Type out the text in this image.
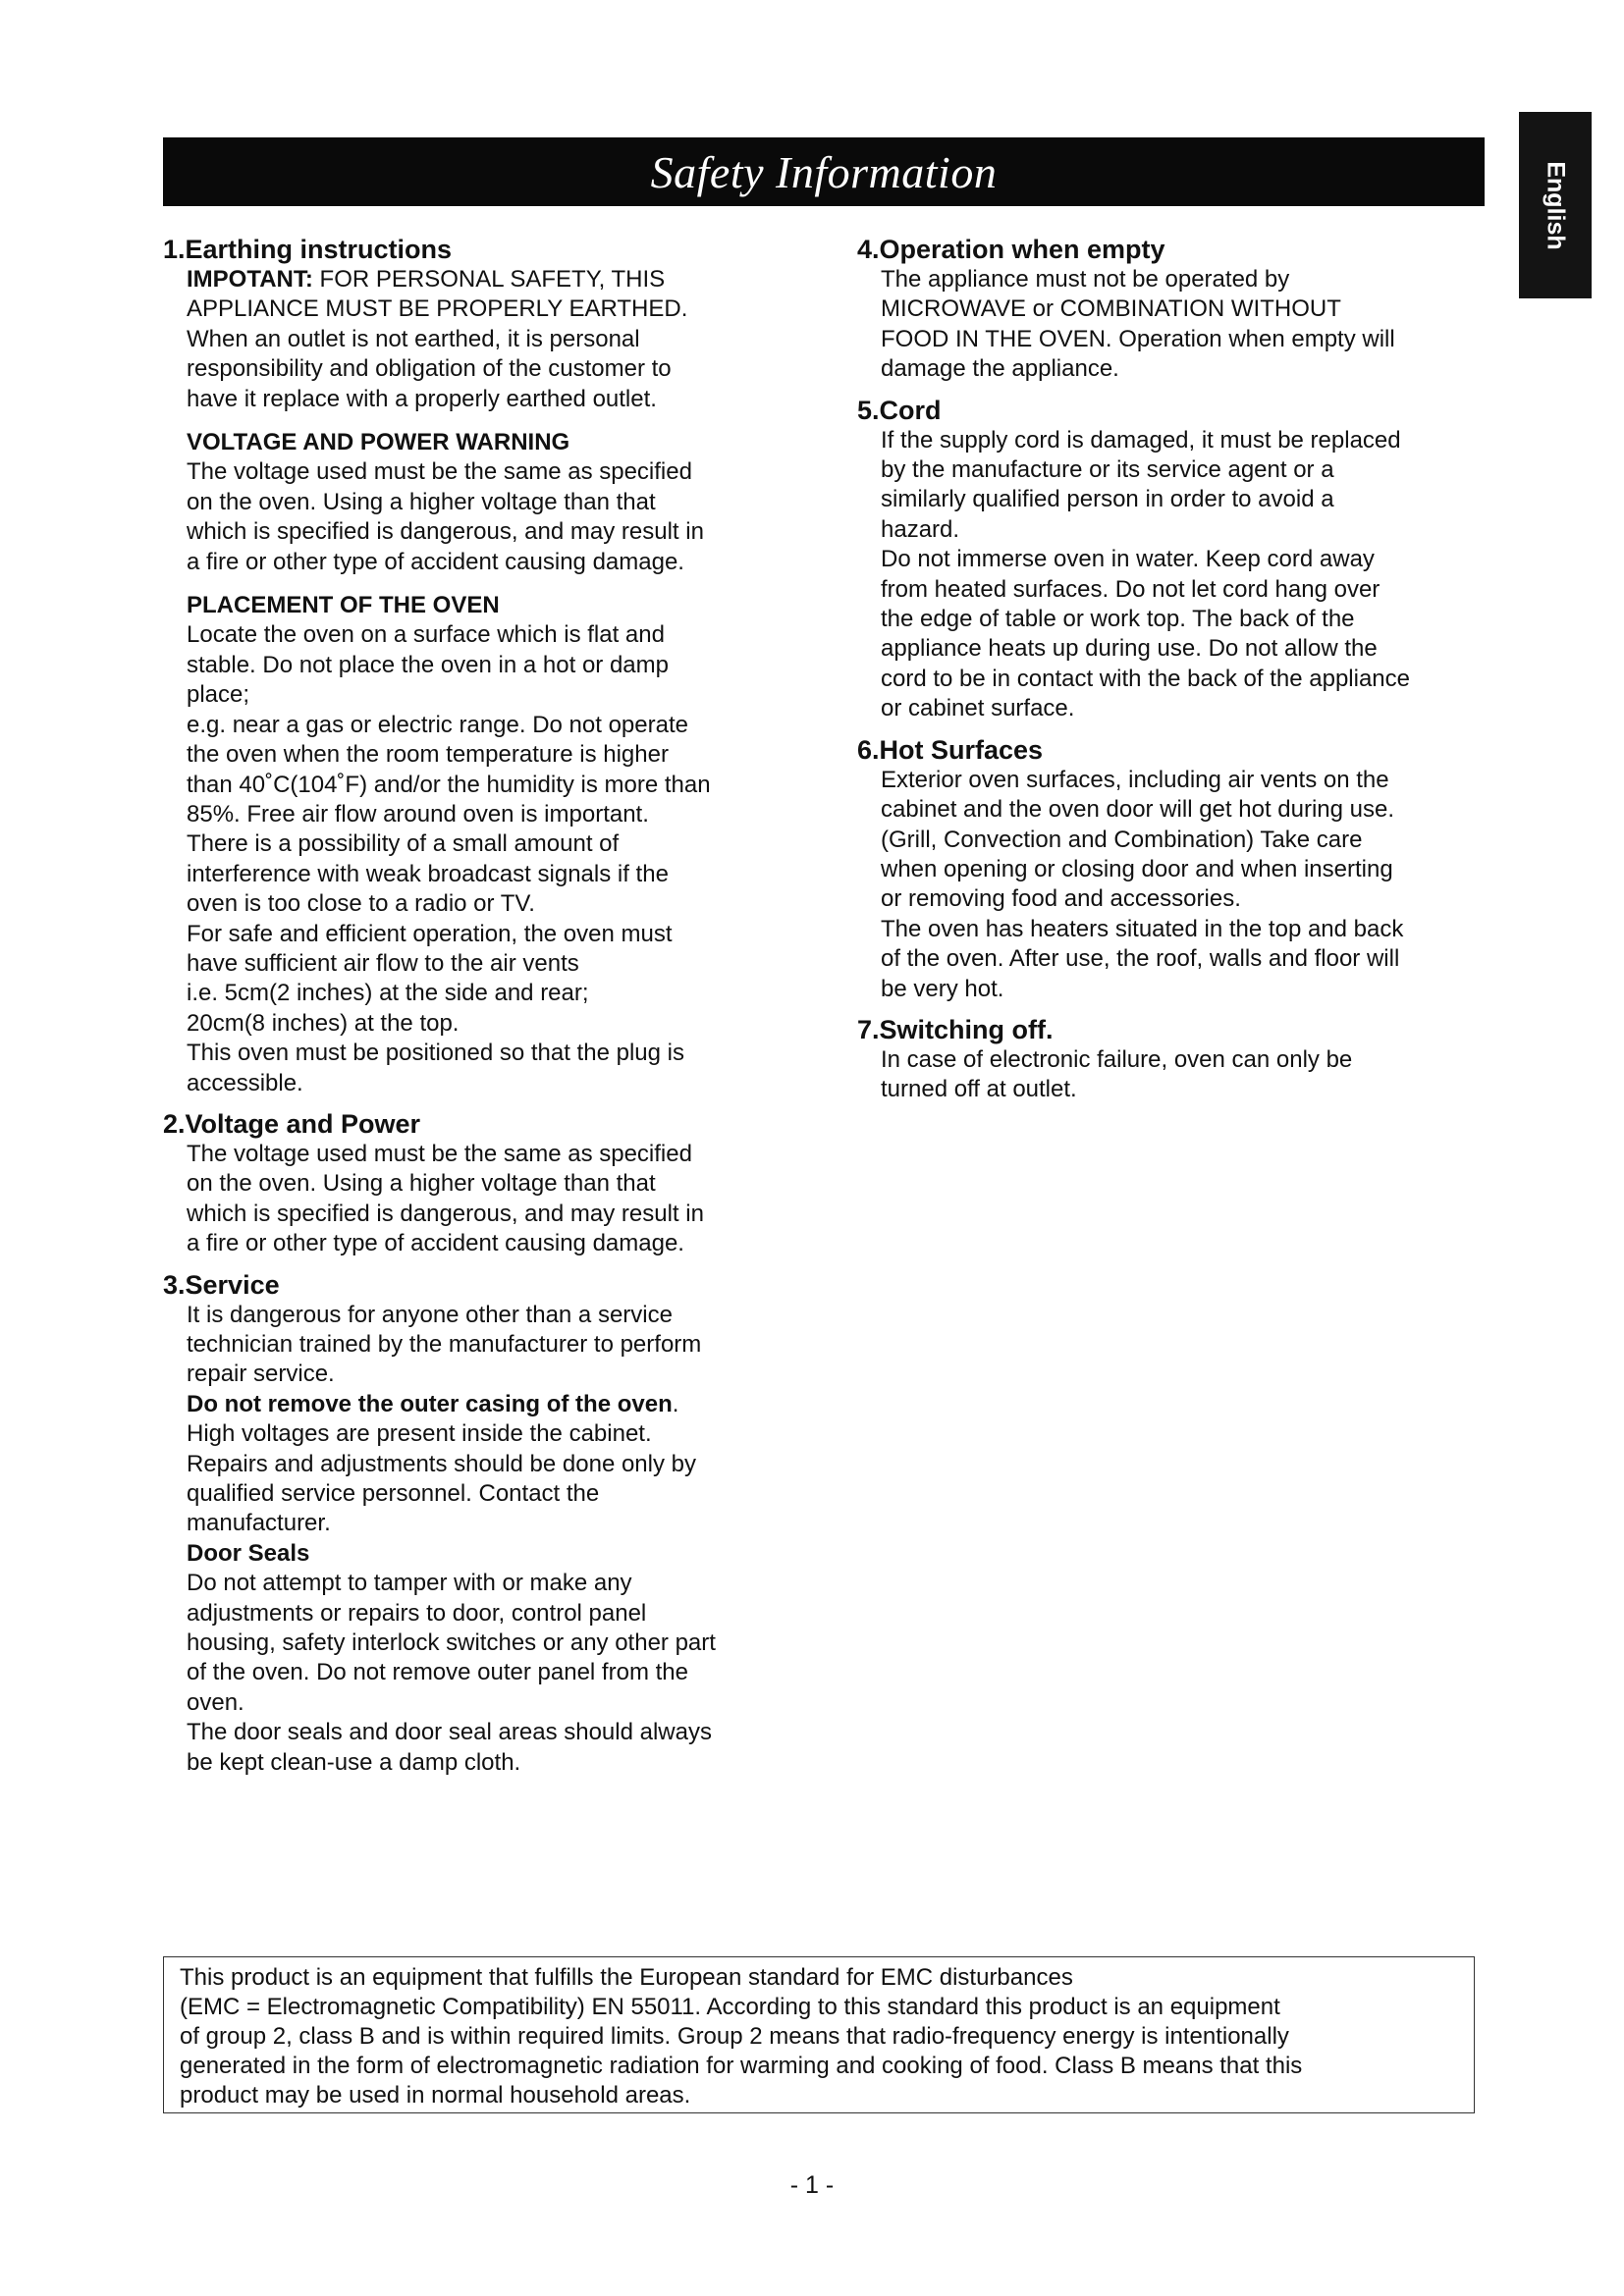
Safety Information	English
1.Earthing instructions
IMPOTANT: FOR PERSONAL SAFETY, THIS
APPLIANCE MUST BE PROPERLY EARTHED.
When an outlet is not earthed, it is personal
responsibility and obligation of the customer to
have it replace with a properly earthed outlet.
VOLTAGE AND POWER WARNING
The voltage used must be the same as specified
on the oven. Using a higher voltage than that
which is specified is dangerous, and may result in
a fire or other type of accident causing damage.
PLACEMENT OF THE OVEN
Locate the oven on a surface which is flat and
stable. Do not place the oven in a hot or damp
place;
e.g. near a gas or electric range. Do not operate
the oven when the room temperature is higher
than 40˚C(104˚F) and/or the humidity is more than
85%. Free air flow around oven is important.
There is a possibility of a small amount of
interference with weak broadcast signals if the
oven is too close to a radio or TV.
For safe and efficient operation, the oven must
have sufficient air flow to the air vents
i.e. 5cm(2 inches) at the side and rear;
20cm(8 inches) at the top.
This oven must be positioned so that the plug is
accessible.
2.Voltage and Power
The voltage used must be the same as specified
on the oven. Using a higher voltage than that
which is specified is dangerous, and may result in
a fire or other type of accident causing damage.
3.Service
It is dangerous for anyone other than a service
technician trained by the manufacturer to perform
repair service.
Do not remove the outer casing of the oven.
High voltages are present inside the cabinet.
Repairs and adjustments should be done only by
qualified service personnel. Contact the
manufacturer.
Door Seals
Do not attempt to tamper with or make any
adjustments or repairs to door, control panel
housing, safety interlock switches or any other part
of the oven. Do not remove outer panel from the
oven.
The door seals and door seal areas should always
be kept clean-use a damp cloth.
4.Operation when empty
The appliance must not be operated by
MICROWAVE or COMBINATION WITHOUT
FOOD IN THE OVEN. Operation when empty will
damage the appliance.
5.Cord
If the supply cord is damaged, it must be replaced
by the manufacture or its service agent or a
similarly qualified person in order to avoid a
hazard.
Do not immerse oven in water. Keep cord away
from heated surfaces. Do not let cord hang over
the edge of table or work top. The back of the
appliance heats up during use. Do not allow the
cord to be in contact with the back of the appliance
or cabinet surface.
6.Hot Surfaces
Exterior oven surfaces, including air vents on the
cabinet and the oven door will get hot during use.
(Grill, Convection and Combination) Take care
when opening or closing door and when inserting
or removing food and accessories.
The oven has heaters situated in the top and back
of the oven. After use, the roof, walls and floor will
be very hot.
7.Switching off.
In case of electronic failure, oven can only be
turned off at outlet.
This product is an equipment that fulfills the European standard for EMC disturbances
(EMC = Electromagnetic Compatibility) EN 55011. According to this standard this product is an equipment
of group 2, class B and is within required limits. Group 2 means that radio-frequency energy is intentionally
generated in the form of electromagnetic radiation for warming and cooking of food. Class B means that this
product may be used in normal household areas.
- 1 -
